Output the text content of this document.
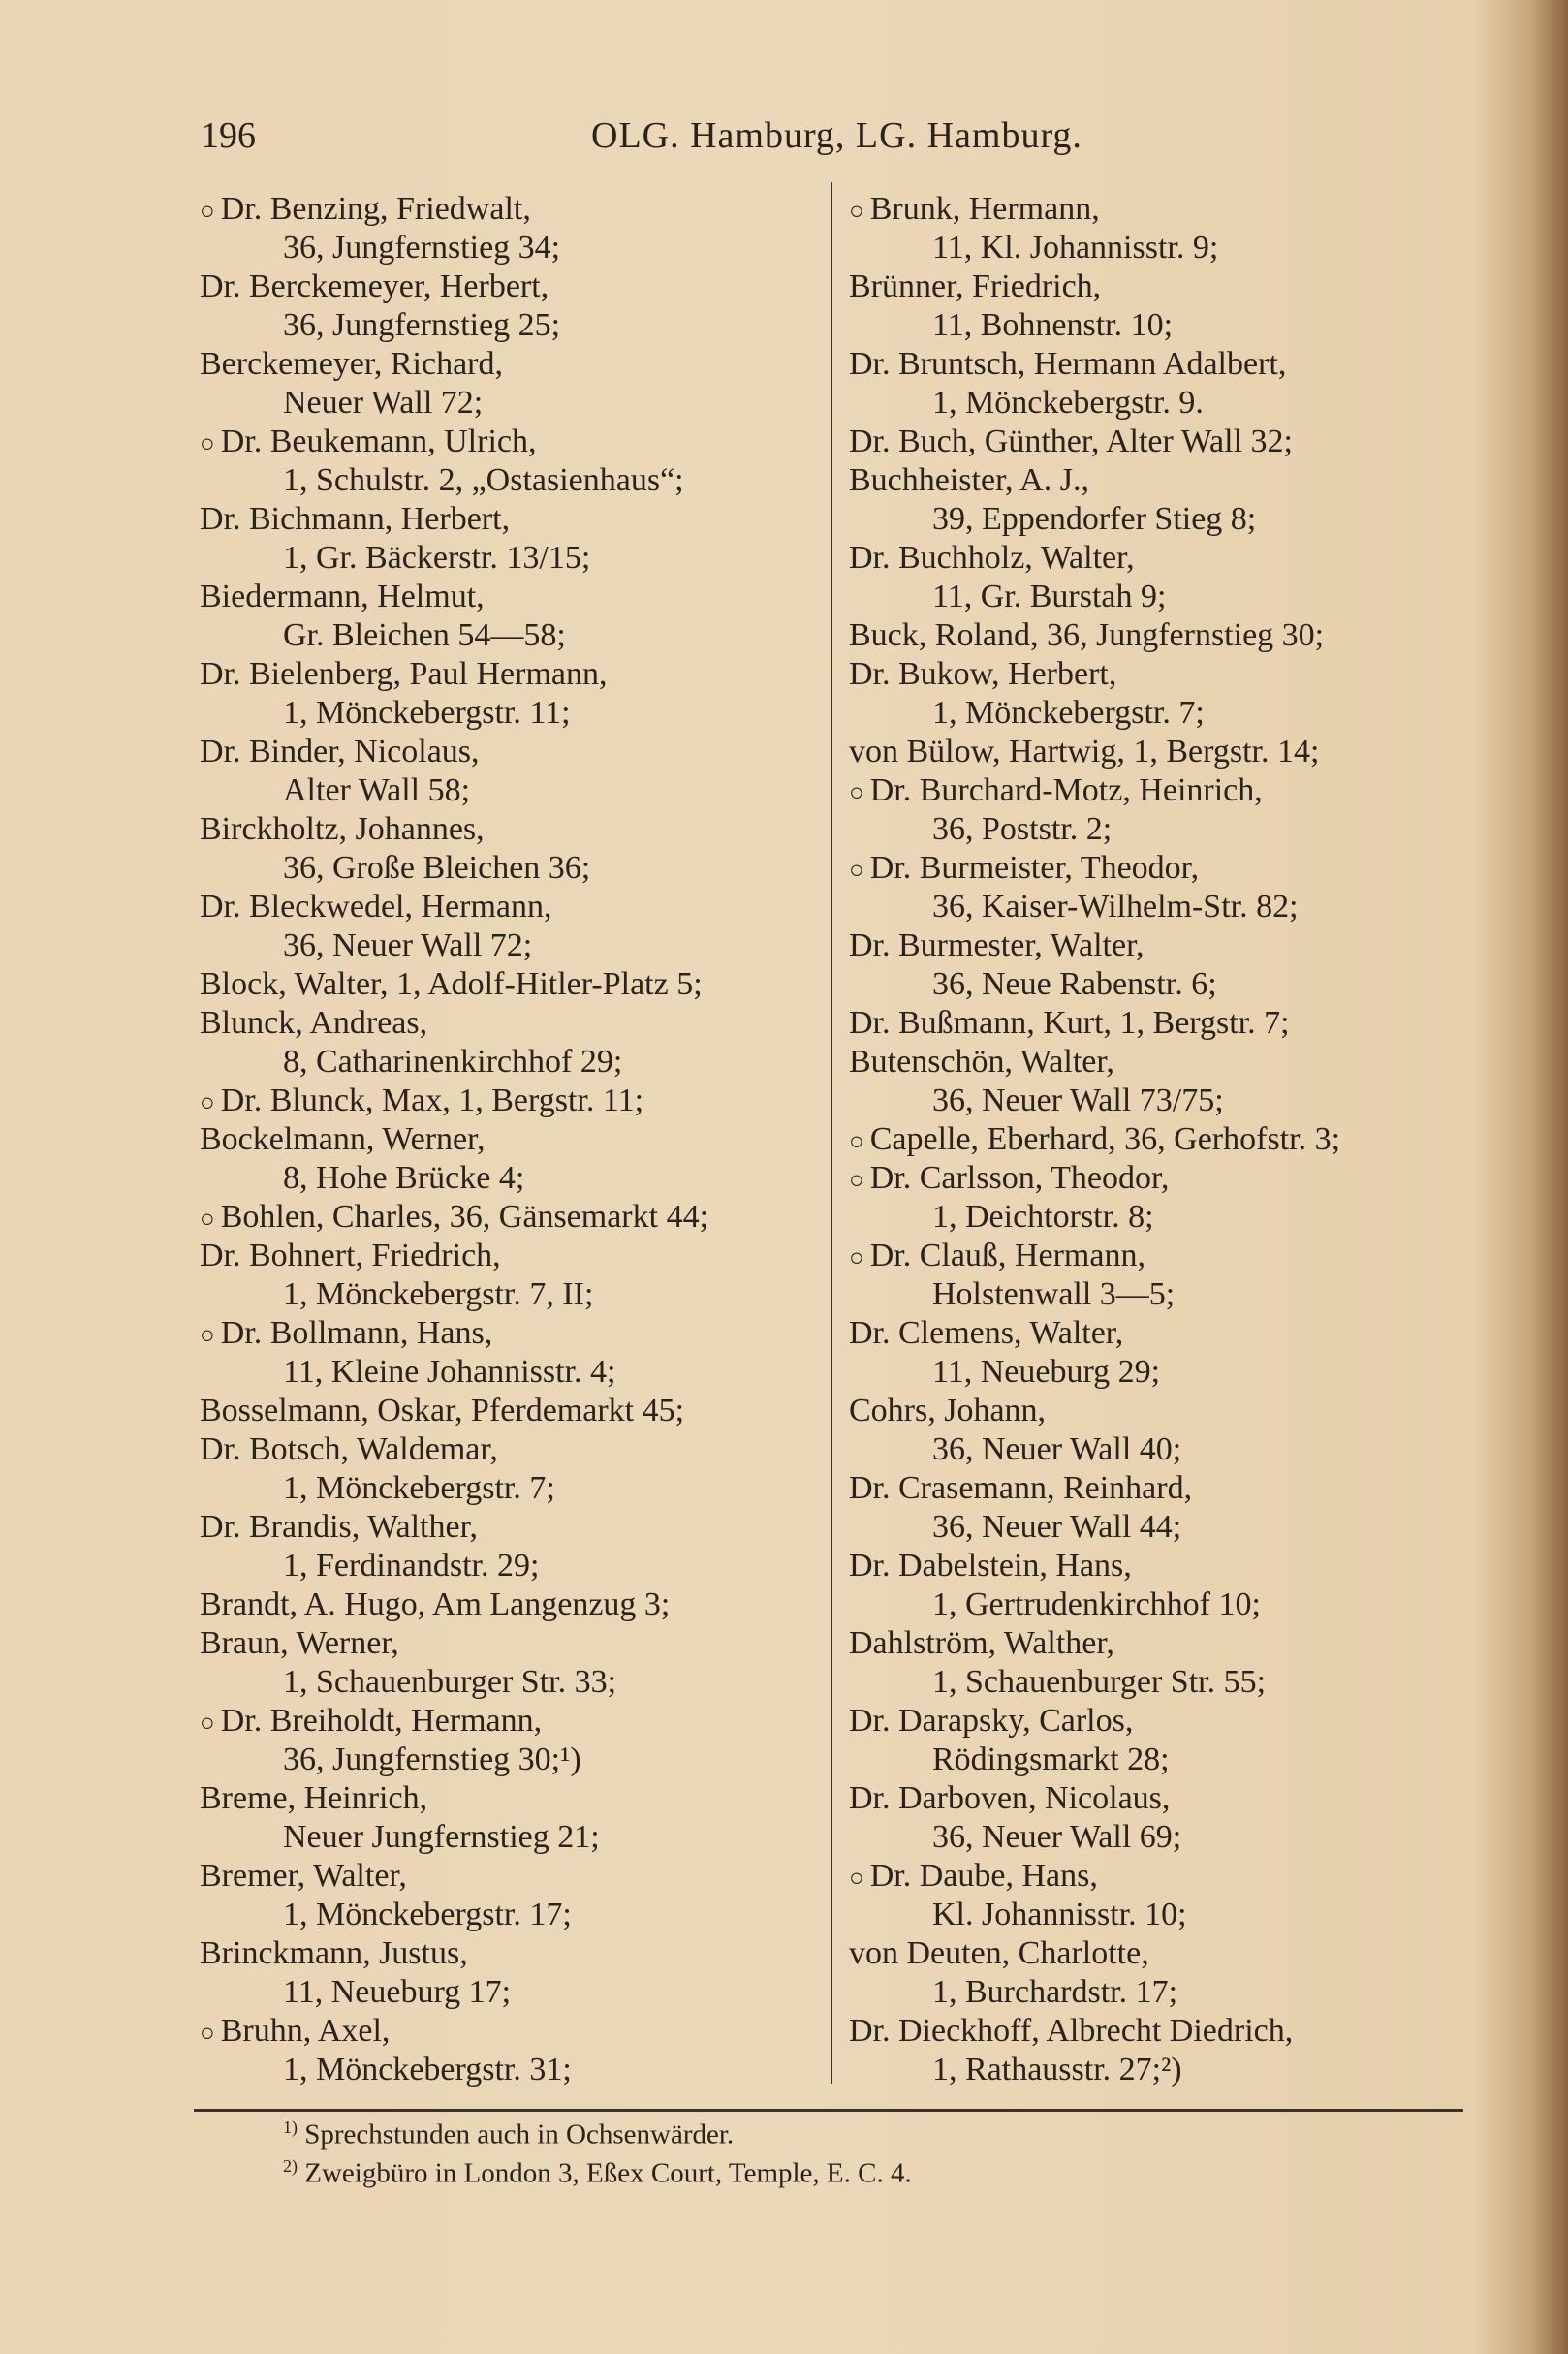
196	OLG. Hamburg, LG. Hamburg.
○ Dr. Benzing, Friedwalt,
36, Jungfernstieg 34;
Dr. Berckemeyer, Herbert,
36, Jungfernstieg 25;
Berckemeyer, Richard,
Neuer Wall 72;
○ Dr. Beukemann, Ulrich,
1, Schulstr. 2, „Ostasienhaus“;
Dr. Bichmann, Herbert,
1, Gr. Bäckerstr. 13/15;
Biedermann, Helmut,
Gr. Bleichen 54—58;
Dr. Bielenberg, Paul Hermann,
1, Mönckebergstr. 11;
Dr. Binder, Nicolaus,
Alter Wall 58;
Birckholtz, Johannes,
36, Große Bleichen 36;
Dr. Bleckwedel, Hermann,
36, Neuer Wall 72;
Block, Walter, 1, Adolf-Hitler-Platz 5;
Blunck, Andreas,
8, Catharinenkirchhof 29;
○ Dr. Blunck, Max, 1, Bergstr. 11;
Bockelmann, Werner,
8, Hohe Brücke 4;
○ Bohlen, Charles, 36, Gänsemarkt 44;
Dr. Bohnert, Friedrich,
1, Mönckebergstr. 7, II;
○ Dr. Bollmann, Hans,
11, Kleine Johannisstr. 4;
Bosselmann, Oskar, Pferdemarkt 45;
Dr. Botsch, Waldemar,
1, Mönckebergstr. 7;
Dr. Brandis, Walther,
1, Ferdinandstr. 29;
Brandt, A. Hugo, Am Langenzug 3;
Braun, Werner,
1, Schauenburger Str. 33;
○ Dr. Breiholdt, Hermann,
36, Jungfernstieg 30;¹)
Breme, Heinrich,
Neuer Jungfernstieg 21;
Bremer, Walter,
1, Mönckebergstr. 17;
Brinckmann, Justus,
11, Neueburg 17;
○ Bruhn, Axel,
1, Mönckebergstr. 31;
○ Brunk, Hermann,
11, Kl. Johannisstr. 9;
Brünner, Friedrich,
11, Bohnenstr. 10;
Dr. Bruntsch, Hermann Adalbert,
1, Mönckebergstr. 9.
Dr. Buch, Günther, Alter Wall 32;
Buchheister, A. J.,
39, Eppendorfer Stieg 8;
Dr. Buchholz, Walter,
11, Gr. Burstah 9;
Buck, Roland, 36, Jungfernstieg 30;
Dr. Bukow, Herbert,
1, Mönckebergstr. 7;
von Bülow, Hartwig, 1, Bergstr. 14;
○ Dr. Burchard-Motz, Heinrich,
36, Poststr. 2;
○ Dr. Burmeister, Theodor,
36, Kaiser-Wilhelm-Str. 82;
Dr. Burmester, Walter,
36, Neue Rabenstr. 6;
Dr. Bußmann, Kurt, 1, Bergstr. 7;
Butenschön, Walter,
36, Neuer Wall 73/75;
○ Capelle, Eberhard, 36, Gerhofstr. 3;
○ Dr. Carlsson, Theodor,
1, Deichtorstr. 8;
○ Dr. Clauß, Hermann,
Holstenwall 3—5;
Dr. Clemens, Walter,
11, Neueburg 29;
Cohrs, Johann,
36, Neuer Wall 40;
Dr. Crasemann, Reinhard,
36, Neuer Wall 44;
Dr. Dabelstein, Hans,
1, Gertrudenkirchhof 10;
Dahlström, Walther,
1, Schauenburger Str. 55;
Dr. Darapsky, Carlos,
Rödingsmarkt 28;
Dr. Darboven, Nicolaus,
36, Neuer Wall 69;
○ Dr. Daube, Hans,
Kl. Johannisstr. 10;
von Deuten, Charlotte,
1, Burchardstr. 17;
Dr. Dieckhoff, Albrecht Diedrich,
1, Rathausstr. 27;²)
$^{1)}$ Sprechstunden auch in Ochsenwärder.
$^{2)}$ Zweigbüro in London 3, Eßex Court, Temple, E. C. 4.
